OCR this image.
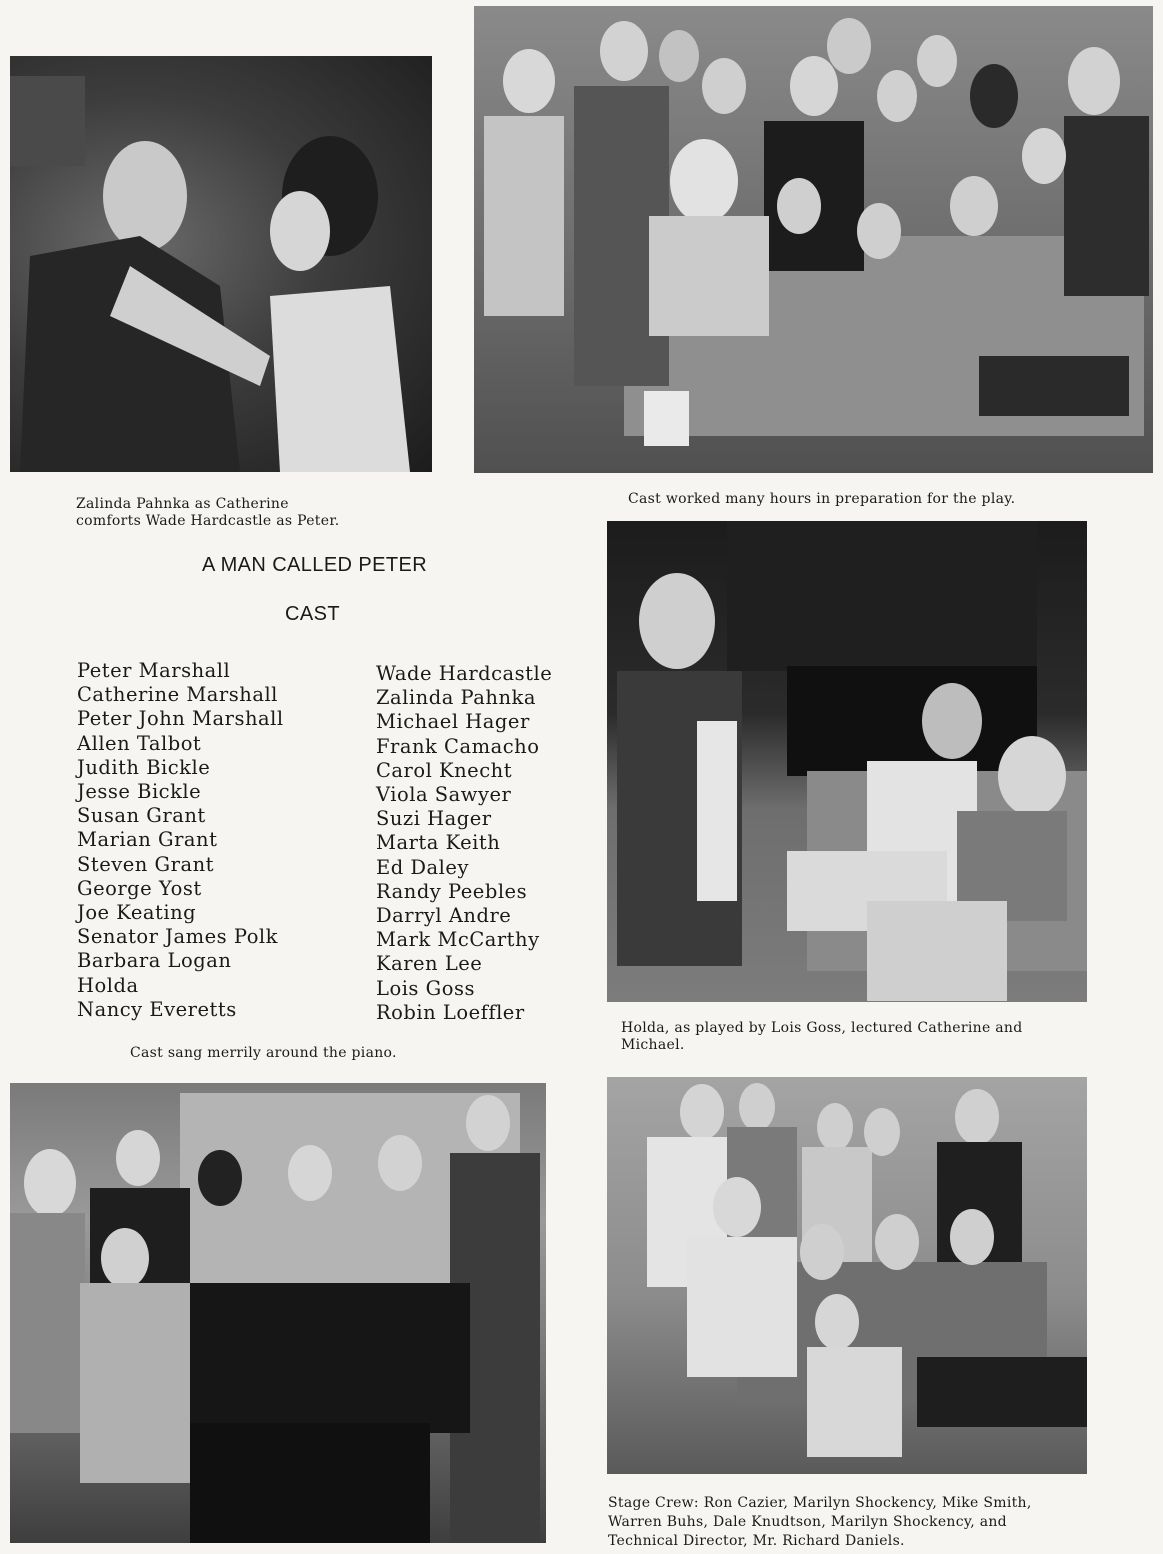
Zalinda Pahnka as Catherine
comforts Wade Hardcastle as Peter.
Cast worked many hours in preparation for the play.
Holda, as played by Lois Goss, lectured Catherine and
Michael.
Cast sang merrily around the piano.
Stage Crew: Ron Cazier, Marilyn Shockency, Mike Smith,
Warren Buhs, Dale Knudtson, Marilyn Shockency, and
Technical Director, Mr. Richard Daniels.
A MAN CALLED PETER
CAST
Peter Marshall
Catherine Marshall
Peter John Marshall
Allen Talbot
Judith Bickle
Jesse Bickle
Susan Grant
Marian Grant
Steven Grant
George Yost
Joe Keating
Senator James Polk
Barbara Logan
Holda
Nancy Everetts
Wade Hardcastle
Zalinda Pahnka
Michael Hager
Frank Camacho
Carol Knecht
Viola Sawyer
Suzi Hager
Marta Keith
Ed Daley
Randy Peebles
Darryl Andre
Mark McCarthy
Karen Lee
Lois Goss
Robin Loeffler
